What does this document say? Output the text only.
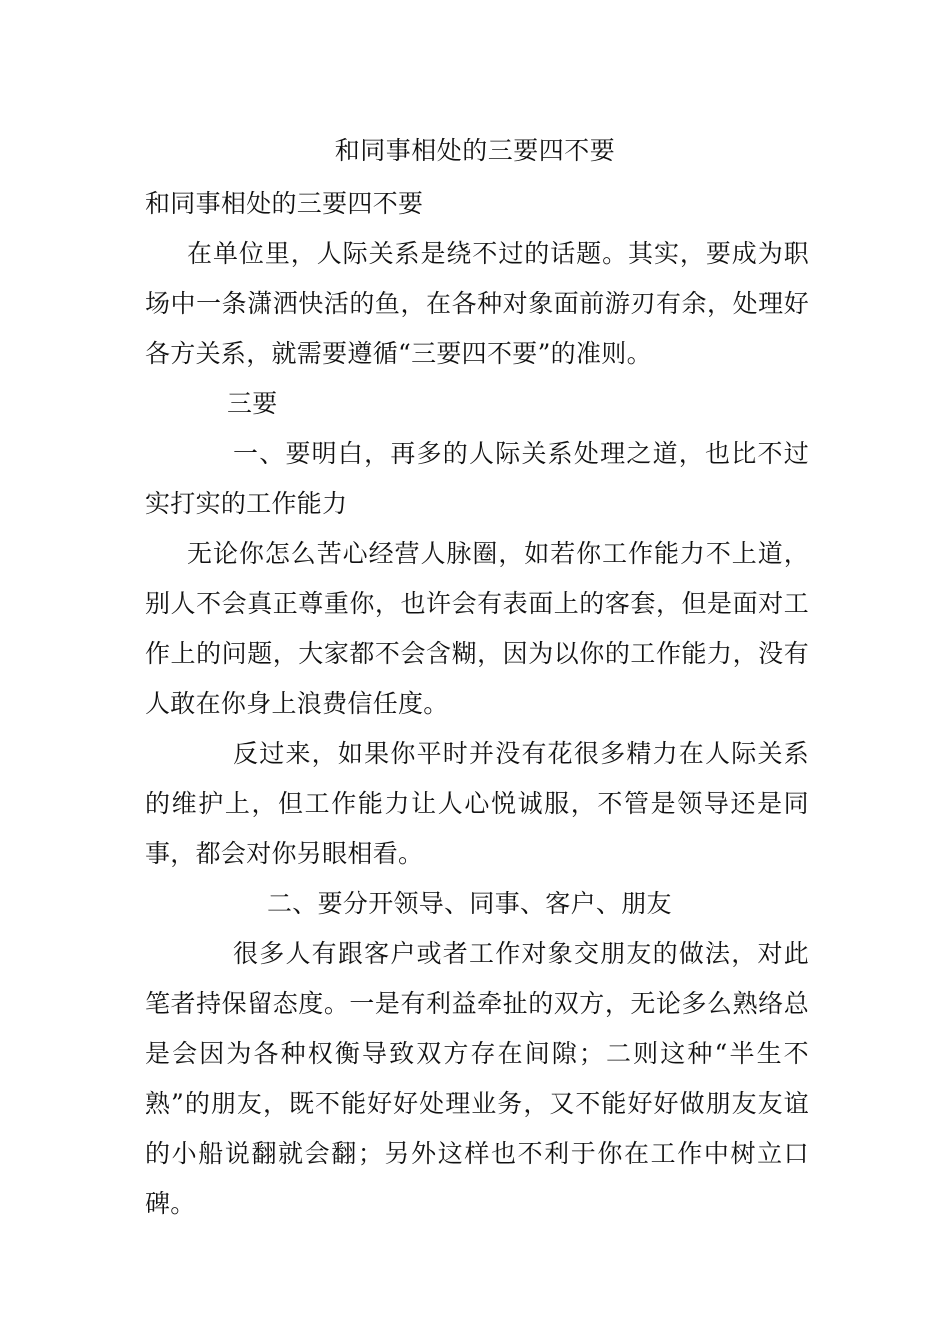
和同事相处的三要四不要

和同事相处的三要四不要

在单位里，人际关系是绕不过的话题。其实，要成为职场中一条潇洒快活的鱼，在各种对象面前游刃有余，处理好各方关系，就需要遵循“三要四不要”的准则。

三要

一、要明白，再多的人际关系处理之道，也比不过实打实的工作能力

无论你怎么苦心经营人脉圈，如若你工作能力不上道，别人不会真正尊重你，也许会有表面上的客套，但是面对工作上的问题，大家都不会含糊，因为以你的工作能力，没有人敢在你身上浪费信任度。

反过来，如果你平时并没有花很多精力在人际关系的维护上，但工作能力让人心悦诚服，不管是领导还是同事，都会对你另眼相看。

二、要分开领导、同事、客户、朋友

很多人有跟客户或者工作对象交朋友的做法，对此笔者持保留态度。一是有利益牵扯的双方，无论多么熟络总是会因为各种权衡导致双方存在间隙；二则这种“半生不熟”的朋友，既不能好好处理业务，又不能好好做朋友友谊的小船说翻就会翻；另外这样也不利于你在工作中树立口碑。
